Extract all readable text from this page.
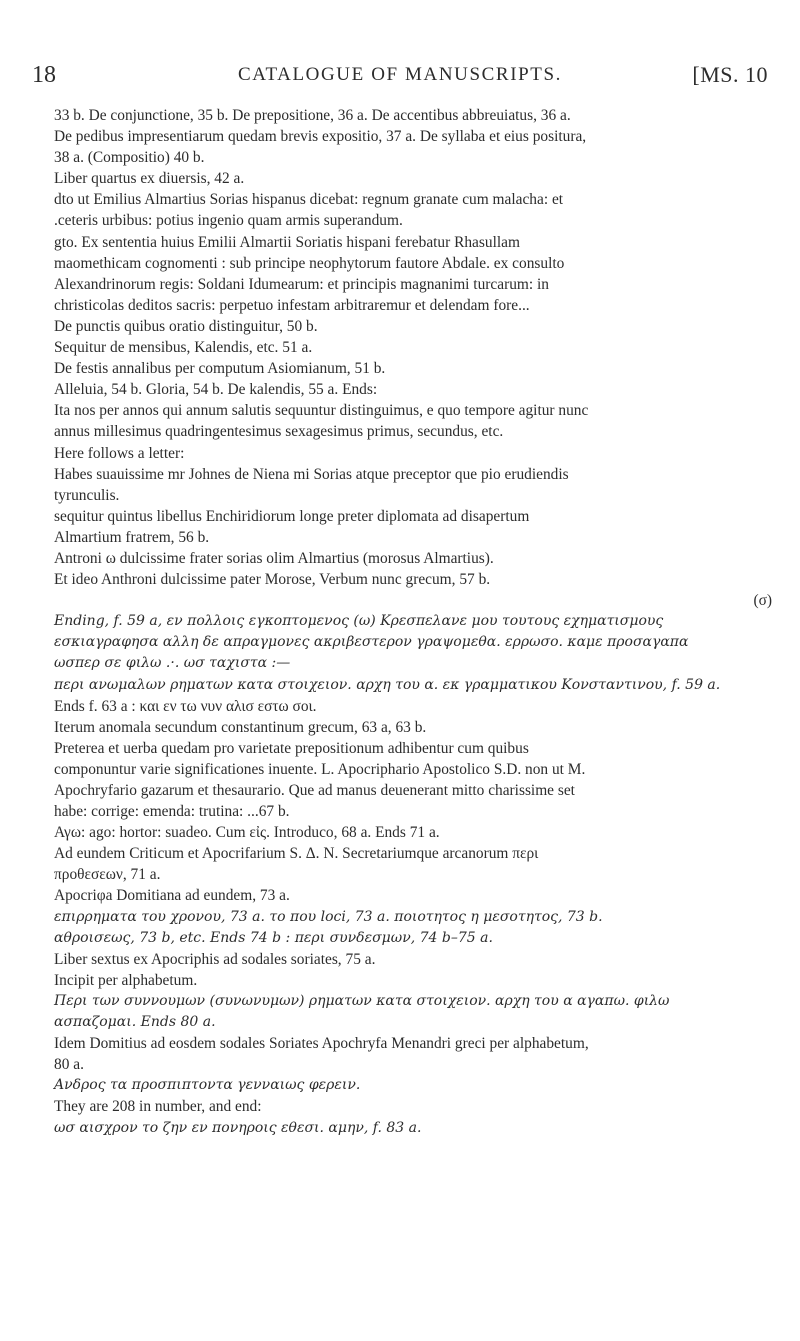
18	CATALOGUE OF MANUSCRIPTS.	[MS. 10

33 b. De conjunctione, 35 b. De prepositione, 36 a. De accentibus abbreuiatus, 36 a.

De pedibus impresentiarum quedam brevis expositio, 37 a. De syllaba et eius positura,

38 a. (Compositio) 40 b.

Liber quartus ex diuersis, 42 a.

dto ut Emilius Almartius Sorias hispanus dicebat: regnum granate cum malacha: et

.ceteris urbibus: potius ingenio quam armis superandum.

gto. Ex sententia huius Emilii Almartii Soriatis hispani ferebatur Rhasullam

maomethicam cognomenti : sub principe neophytorum fautore Abdale. ex consulto

Alexandrinorum regis: Soldani Idumearum: et principis magnanimi turcarum: in

christicolas deditos sacris: perpetuo infestam arbitraremur et delendam fore...

De punctis quibus oratio distinguitur, 50 b.

Sequitur de mensibus, Kalendis, etc. 51 a.

De festis annalibus per computum Asiomianum, 51 b.

Alleluia, 54 b. Gloria, 54 b. De kalendis, 55 a. Ends:

Ita nos per annos qui annum salutis sequuntur distinguimus, e quo tempore agitur nunc

annus millesimus quadringentesimus sexagesimus primus, secundus, etc.

Here follows a letter:

Habes suauissime mr Johnes de Niena mi Sorias atque preceptor que pio erudiendis

tyrunculis.

sequitur quintus libellus Enchiridiorum longe preter diplomata ad disapertum

Almartium fratrem, 56 b.

Antroni ω dulcissime frater sorias olim Almartius (morosus Almartius).

Et ideo Anthroni dulcissime pater Morose, Verbum nunc grecum, 57 b.

(σ)

Ending, f. 59 a, εν πολλοις εγκοπτομενος (ω) Κρεσπελανε μου τουτους εχηματισμους

εσκιαγραφησα αλλη δε απραγμονες ακριβεστερον γραψομεθα. ερρωσο. καμε προσαγαπα

ωσπερ σε φιλω .·. ωσ ταχιστα :—

περι ανωμαλων ρηματων κατα στοιχειον. αρχη του α. εκ γραμματικου Κονσταντινου, f. 59 a.

Ends f. 63 a : και εν τω νυν αλισ εστω σοι.

Iterum anomala secundum constantinum grecum, 63 a, 63 b.

Preterea et uerba quedam pro varietate prepositionum adhibentur cum quibus

componuntur varie significationes inuente. L. Apocriphario Apostolico S.D. non ut M.

Apochryfario gazarum et thesaurario. Que ad manus deuenerant mitto charissime set

habe: corrige: emenda: trutina: ...67 b.

Αγω: ago: hortor: suadeo. Cum εἰς. Introduco, 68 a. Ends 71 a.

Ad eundem Criticum et Apocrifarium S. Δ. N. Secretariumque arcanorum περι

προθεσεων, 71 a.

Apocriφa Domitiana ad eundem, 73 a.

επιρρηματα του χρονου, 73 a. το που loci, 73 a. ποιοτητος η μεσοτητος, 73 b.

αθροισεως, 73 b, etc. Ends 74 b : περι συνδεσμων, 74 b–75 a.

Liber sextus ex Apocriphis ad sodales soriates, 75 a.

Incipit per alphabetum.

Περι των συννουμων (συνωνυμων) ρηματων κατα στοιχειον. αρχη του α αγαπω. φιλω

ασπαζομαι. Ends 80 a.

Idem Domitius ad eosdem sodales Soriates Apochryfa Menandri greci per alphabetum,

80 a.

Ανδρος τα προσπιπτοντα γενναιως φερειν.

They are 208 in number, and end:

ωσ αισχρον το ζην εν πονηροις εθεσι. αμην, f. 83 a.
